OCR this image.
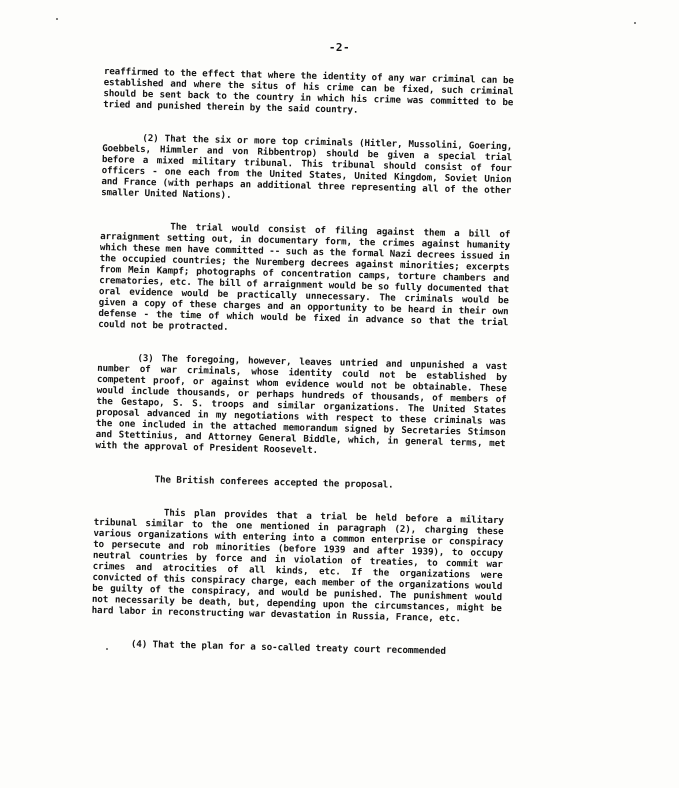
-2-

reaffirmed to the effect that where the identity of any war criminal can be established and where the situs of his crime can be fixed, such criminal should be sent back to the country in which his crime was committed to be tried and punished therein by the said country.

(2) That the six or more top criminals (Hitler, Mussolini, Goering, Goebbels, Himmler and von Ribbentrop) should be given a special trial before a mixed military tribunal. This tribunal should consist of four officers - one each from the United States, United Kingdom, Soviet Union and France (with perhaps an additional three representing all of the other smaller United Nations).

The trial would consist of filing against them a bill of arraignment setting out, in documentary form, the crimes against humanity which these men have committed -- such as the formal Nazi decrees issued in the occupied countries; the Nuremberg decrees against minorities; excerpts from Mein Kampf; photographs of concentration camps, torture chambers and crematories, etc. The bill of arraignment would be so fully documented that oral evidence would be practically unnecessary. The criminals would be given a copy of these charges and an opportunity to be heard in their own defense - the time of which would be fixed in advance so that the trial could not be protracted.

(3) The foregoing, however, leaves untried and unpunished a vast number of war criminals, whose identity could not be established by competent proof, or against whom evidence would not be obtainable. These would include thousands, or perhaps hundreds of thousands, of members of the Gestapo, S. S. troops and similar organizations. The United States proposal advanced in my negotiations with respect to these criminals was the one included in the attached memorandum signed by Secretaries Stimson and Stettinius, and Attorney General Biddle, which, in general terms, met with the approval of President Roosevelt.

The British conferees accepted the proposal.

This plan provides that a trial be held before a military tribunal similar to the one mentioned in paragraph (2), charging these various organizations with entering into a common enterprise or conspiracy to persecute and rob minorities (before 1939 and after 1939), to occupy neutral countries by force and in violation of treaties, to commit war crimes and atrocities of all kinds, etc. If the organizations were convicted of this conspiracy charge, each member of the organizations would be guilty of the conspiracy, and would be punished. The punishment would not necessarily be death, but, depending upon the circumstances, might be hard labor in reconstructing war devastation in Russia, France, etc.

(4) That the plan for a so-called treaty court recommended
